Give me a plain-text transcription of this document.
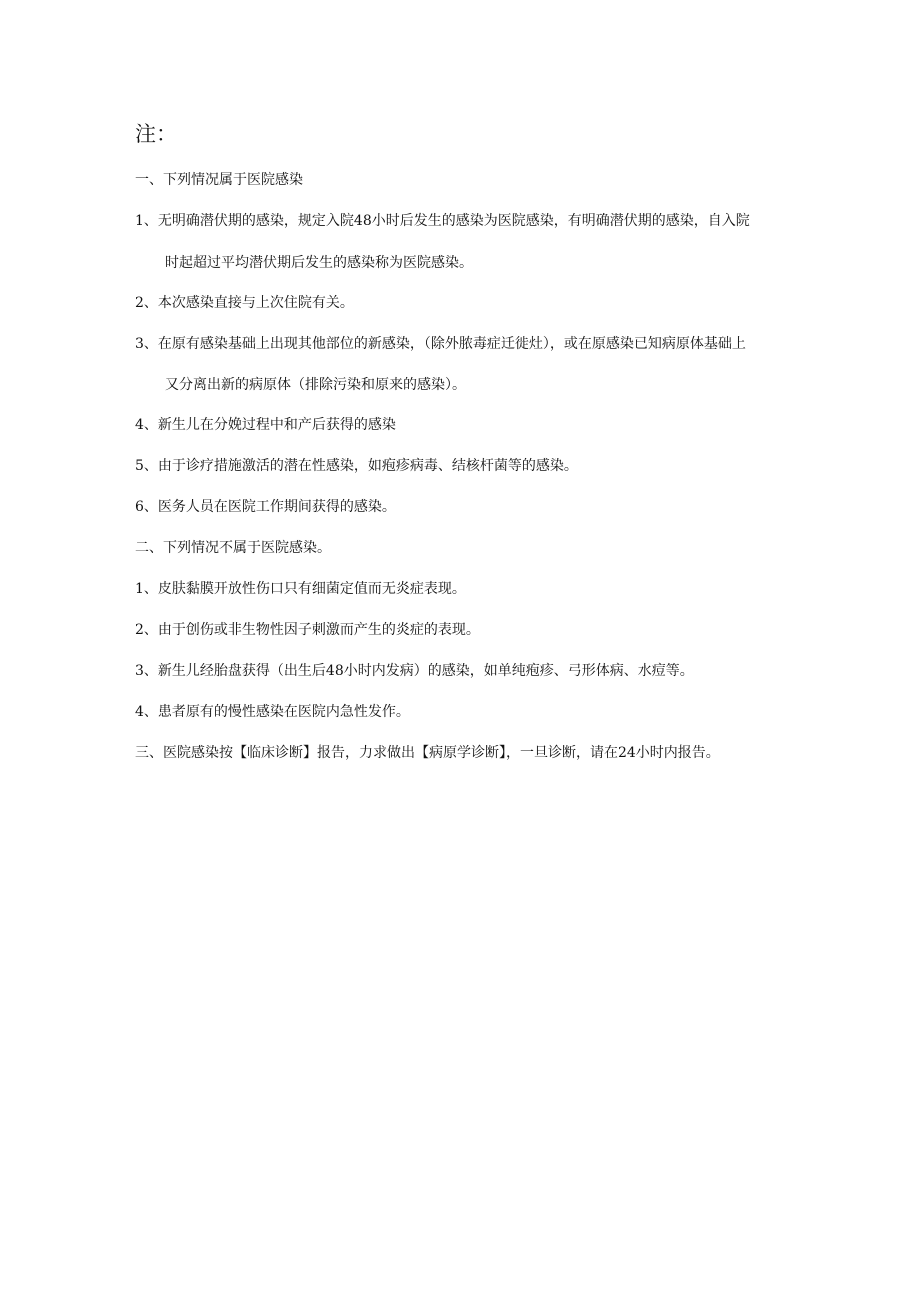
注：
一、下列情况属于医院感染
1、无明确潜伏期的感染，规定入院48小时后发生的感染为医院感染，有明确潜伏期的感染，自入院
时起超过平均潜伏期后发生的感染称为医院感染。
2、本次感染直接与上次住院有关。
3、在原有感染基础上出现其他部位的新感染，（除外脓毒症迁徙灶），或在原感染已知病原体基础上
又分离出新的病原体（排除污染和原来的感染）。
4、新生儿在分娩过程中和产后获得的感染
5、由于诊疗措施激活的潜在性感染，如疱疹病毒、结核杆菌等的感染。
6、医务人员在医院工作期间获得的感染。
二、下列情况不属于医院感染。
1、皮肤黏膜开放性伤口只有细菌定值而无炎症表现。
2、由于创伤或非生物性因子刺激而产生的炎症的表现。
3、新生儿经胎盘获得（出生后48小时内发病）的感染，如单纯疱疹、弓形体病、水痘等。
4、患者原有的慢性感染在医院内急性发作。
三、医院感染按【临床诊断】报告，力求做出【病原学诊断】，一旦诊断，请在24小时内报告。
